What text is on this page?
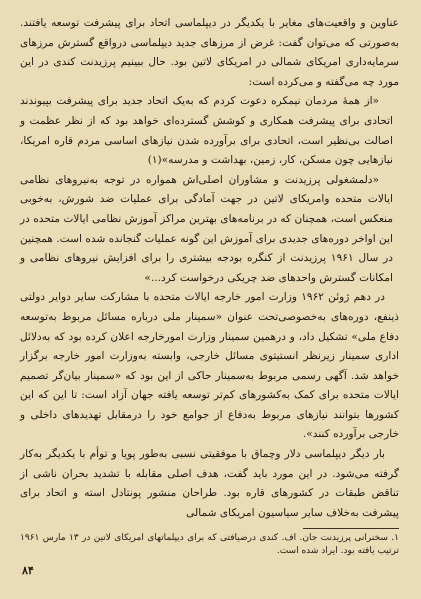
عناوین و واقعیت‌های مغایر با یکدیگر در دیپلماسی اتحاد برای پیشرفت توسعه یافتند. بەصورتی که می‌توان گفت: غرض از مرزهای جدید دیپلماسی درواقع گسترش مرزهای سرمایه‌داری امریکای شمالی در امریکای لاتین بود. حال ببینیم پرزیدنت کندی در این مورد چه می‌گفته و می‌کرده است:

«از همهٔ مردمان نیمکره دعوت کردم که بەیک اتحاد جدید برای پیشرفت بپیوندند اتحادی برای پیشرفت همکاری و کوشش گسترده‌ای خواهد بود که از نظر عظمت و اصالت بی‌نظیر است، اتحادی برای برآورده شدن نیازهای اساسی مردم قاره امریکا، نیازهایی چون مسکن، کار، زمین، بهداشت و مدرسه»(۱)

«دلمشغولی پرزیدنت و مشاوران اصلی‌اش همواره در توجه به‌نیروهای نظامی ایالات متحده وامریکای لاتین در جهت آمادگی برای عملیات ضد شورش، بەخوبی منعکس است، همچنان که در برنامه‌های بهترین مراکز آموزش نظامی ایالات متحده در این اواخر دوره‌های جدیدی برای آموزش این گونه عملیات گنجانده شده است. همچنین در سال ۱۹۶۱ پرزیدنت از کنگره بودجه بیشتری را برای افزایش نیروهای نظامی و امکانات گسترش واحدهای ضد چریکی درخواست کرد...»

در دهم ژوئن ۱۹۶۲ وزارت امور خارجه ایالات متحده با مشارکت سایر دوایر دولتی ذینفع، دوره‌های بەخصوصی‌تحت عنوان «سمینار ملی درباره مسائل مربوط بەتوسعه دفاع ملی» تشکیل داد، و درهمین سمینار وزارت امورخارجه اعلان کرده بود که بەدلائل اداری سمینار زیرنظر انستیتوی مسائل خارجی، وابسته به‌وزارت امور خارجه برگزار خواهد شد. آگهی رسمی مربوط به‌سمینار حاکی از این بود که «سمینار بیان‌گر تصمیم ایالات متحده برای کمک به‌کشورهای کم‌تر توسعه یافته جهان آزاد است: تا این که این کشورها بتوانند نیازهای مربوط به‌دفاع از جوامع خود را درمقابل تهدیدهای داخلی و خارجی برآورده کنند».

بار دیگر دیپلماسی دلار وچماق با موفقیتی نسبی به‌طور پویا و توأم با یکدیگر به‌کار گرفته می‌شود. در این مورد باید گفت، هدف اصلی مقابله با تشدید بحران ناشی از تناقض طبقات در کشورهای قاره بود. طراحان منشور پونتادل استه و اتحاد برای پیشرفت به‌خلاف سایر سیاسیون امریکای شمالی

۱. سخنرانی پرزیدنت جان. اف. کندی درضیافتی که برای دیپلماتهای امریکای لاتین در ۱۳ مارس ۱۹۶۱ ترتیب یافته بود. ایراد شده است.

۸۴
